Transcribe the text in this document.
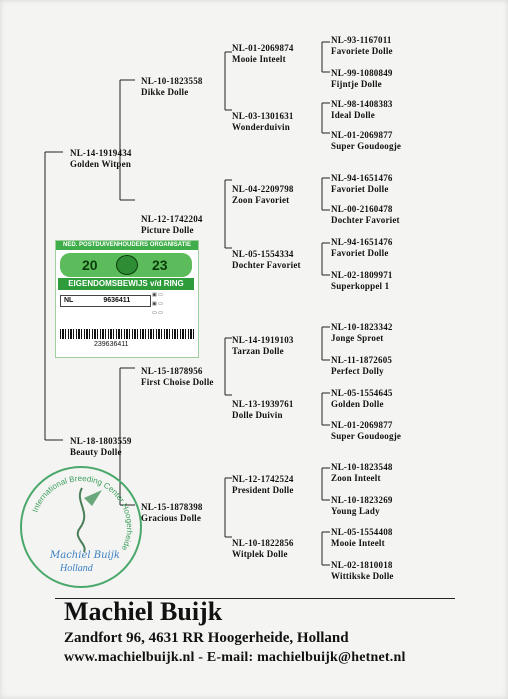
NL-14-1919434
Golden Witpen
NL-18-1803559
Beauty Dolle
NL-10-1823558
Dikke Dolle
NL-12-1742204
Picture Dolle
NL-15-1878956
First Choise Dolle
NL-15-1878398
Gracious Dolle
NL-01-2069874
Mooie Inteelt
NL-03-1301631
Wonderduivin
NL-04-2209798
Zoon Favoriet
NL-05-1554334
Dochter Favoriet
NL-14-1919103
Tarzan Dolle
NL-13-1939761
Dolle Duivin
NL-12-1742524
President Dolle
NL-10-1822856
Witplek Dolle
NL-93-1167011
Favoriete Dolle
NL-99-1080849
Fijntje Dolle
NL-98-1408383
Ideal Dolle
NL-01-2069877
Super Goudoogje
NL-94-1651476
Favoriet Dolle
NL-00-2160478
Dochter Favoriet
NL-94-1651476
Favoriet Dolle
NL-02-1809971
Superkoppel 1
NL-10-1823342
Jonge Sproet
NL-11-1872605
Perfect Dolly
NL-05-1554645
Golden Dolle
NL-01-2069877
Super Goudoogje
NL-10-1823548
Zoon Inteelt
NL-10-1823269
Young Lady
NL-05-1554408
Mooie Inteelt
NL-02-1810018
Wittikske Dolle
NED. POSTDUIVENHOUDERS ORGANISATIE
20	23
EIGENDOMSBEWIJS v/d RING
NL	9636411
▣ ▭
▣ ▭
▭ ▭
239636411
International Breeding Center Hoogerheide
Machiel Buijk
Holland
Machiel Buijk
Zandfort 96, 4631 RR Hoogerheide, Holland
www.machielbuijk.nl - E-mail: machielbuijk@hetnet.nl
